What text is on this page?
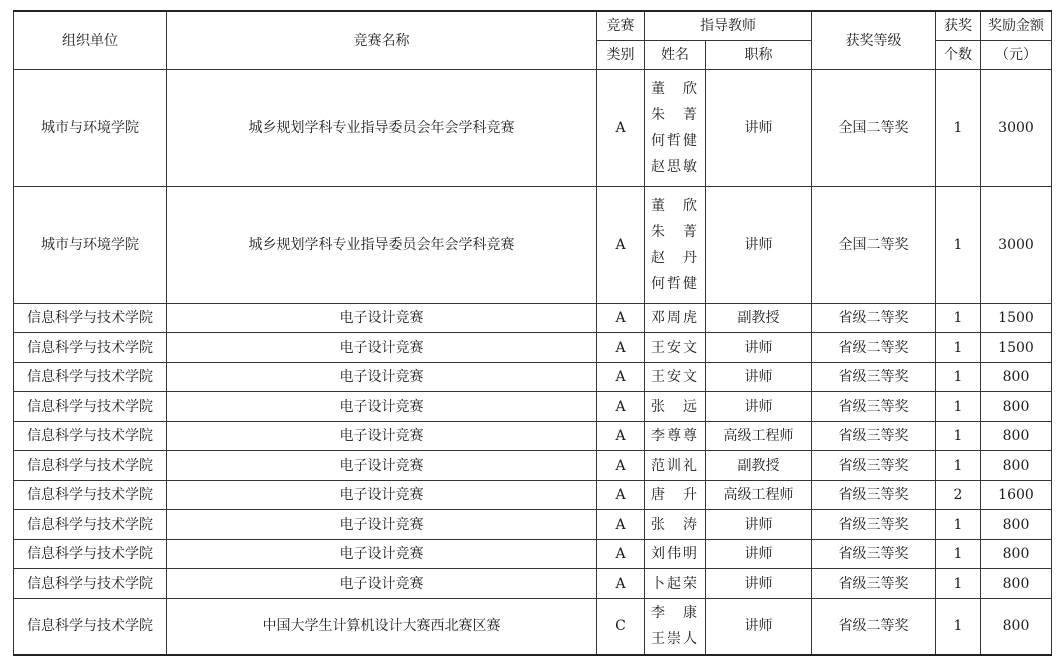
组织单位	竞赛名称	竞赛	指导教师		获奖等级	获奖	奖励金额
		类别	姓名	职称		个数	（元）
城市与环境学院	城乡规划学科专业指导委员会年会学科竞赛	A	董　欣
朱　菁
何哲健
赵思敏	讲师	全国二等奖	1	3000
城市与环境学院	城乡规划学科专业指导委员会年会学科竞赛	A	董　欣
朱　菁
赵　丹
何哲健	讲师	全国二等奖	1	3000
信息科学与技术学院	电子设计竞赛	A	邓周虎	副教授	省级二等奖	1	1500
信息科学与技术学院	电子设计竞赛	A	王安文	讲师	省级二等奖	1	1500
信息科学与技术学院	电子设计竞赛	A	王安文	讲师	省级三等奖	1	800
信息科学与技术学院	电子设计竞赛	A	张　远	讲师	省级三等奖	1	800
信息科学与技术学院	电子设计竞赛	A	李尊尊	高级工程师	省级三等奖	1	800
信息科学与技术学院	电子设计竞赛	A	范训礼	副教授	省级三等奖	1	800
信息科学与技术学院	电子设计竞赛	A	唐　升	高级工程师	省级三等奖	2	1600
信息科学与技术学院	电子设计竞赛	A	张　涛	讲师	省级三等奖	1	800
信息科学与技术学院	电子设计竞赛	A	刘伟明	讲师	省级三等奖	1	800
信息科学与技术学院	电子设计竞赛	A	卜起荣	讲师	省级三等奖	1	800
信息科学与技术学院	中国大学生计算机设计大赛西北赛区赛	C	李　康
王崇人	讲师	省级二等奖	1	800
